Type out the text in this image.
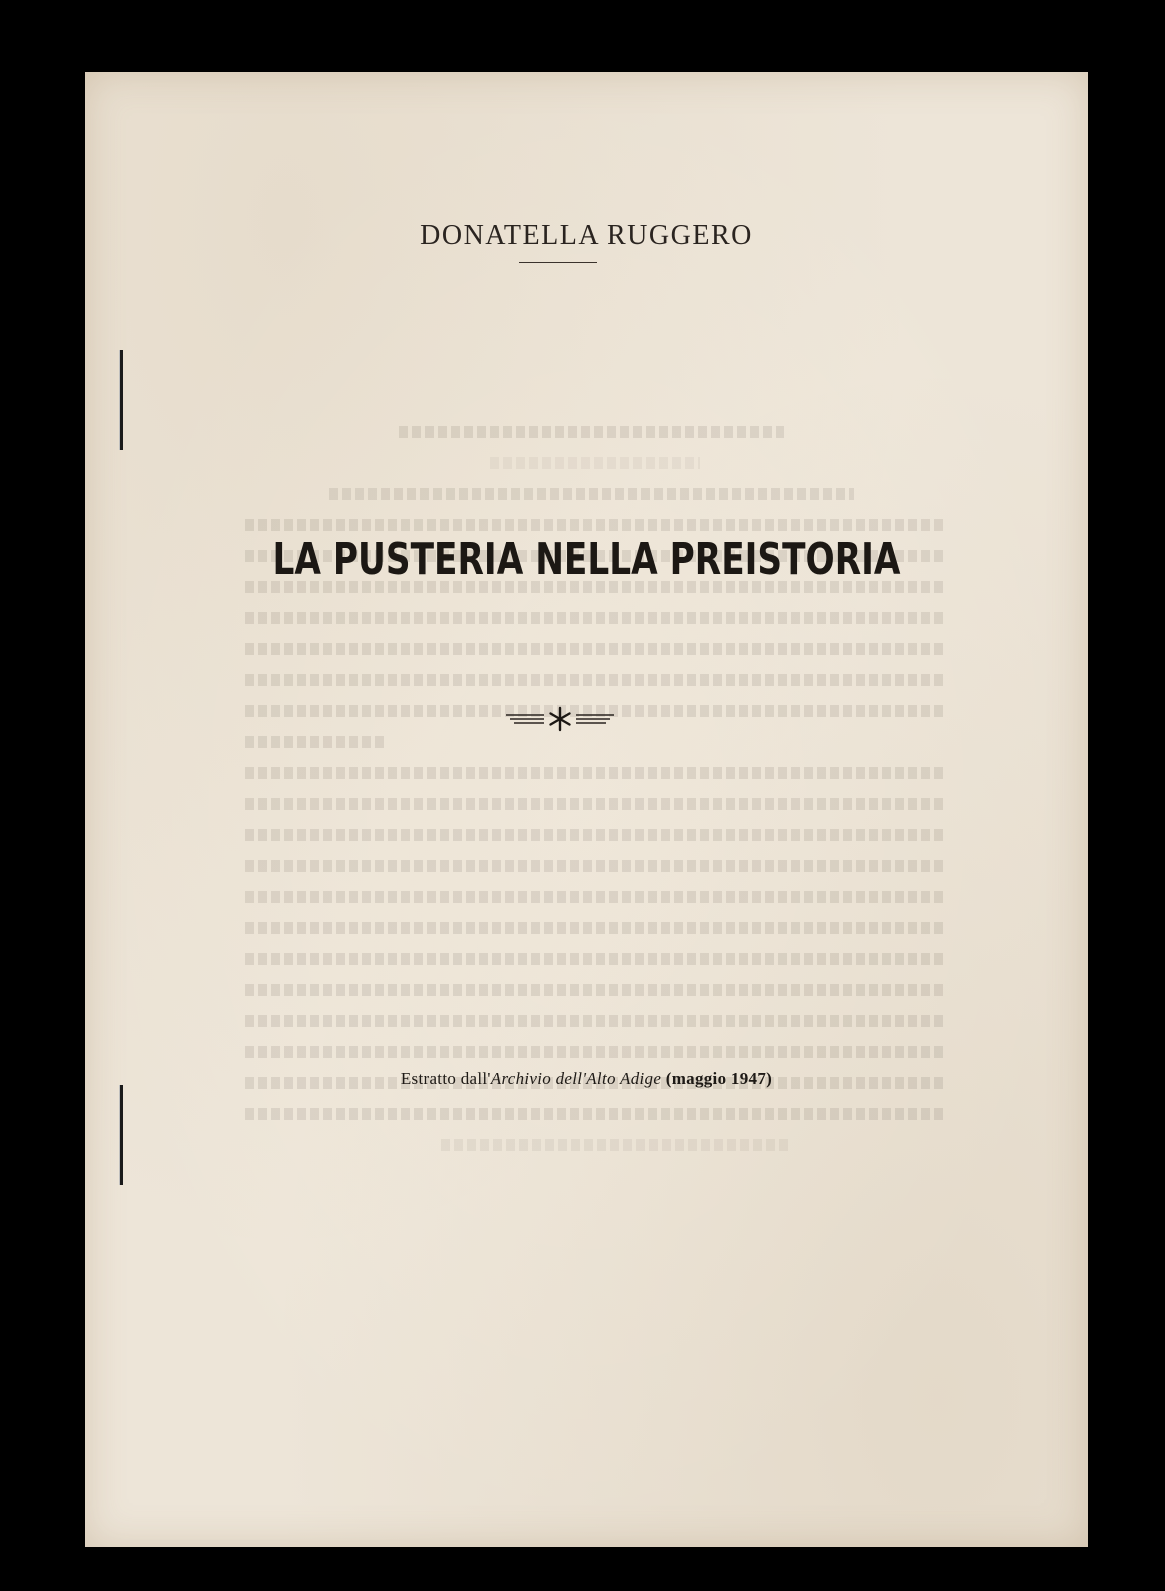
DONATELLA RUGGERO
LA PUSTERIA NELLA PREISTORIA
Estratto dall'Archivio dell'Alto Adige (maggio 1947)
